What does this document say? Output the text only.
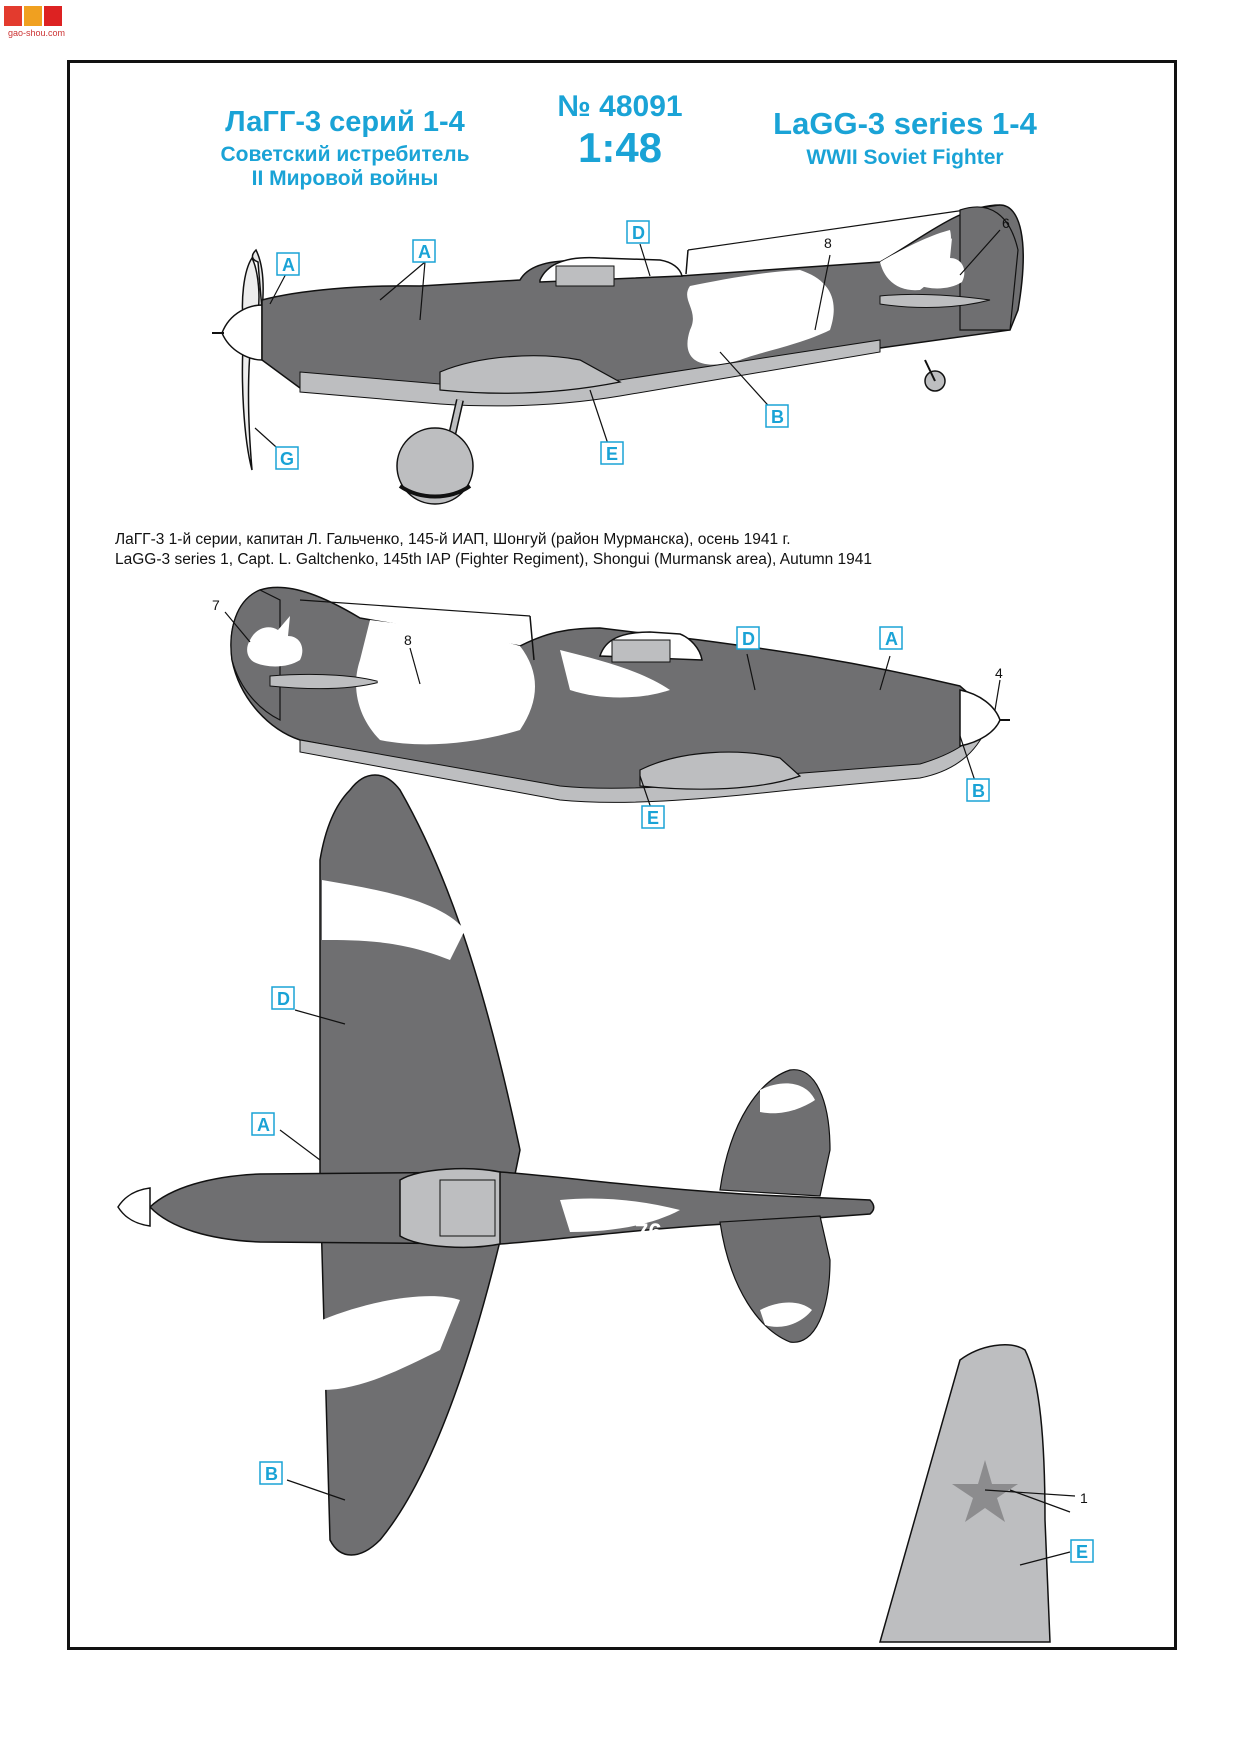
gao-shou.com
ЛаГГ-3 серий 1-4
Советский истребитель
II Мировой войны
№ 48091
1:48
LaGG-3 series 1-4
WWII Soviet Fighter
ЛаГГ-3 1-й серии, капитан Л. Гальченко, 145-й ИАП, Шонгуй (район Мурманска), осень 1941 г.
LaGG-3 series 1, Capt. L. Galtchenko, 145th IAP (Fighter Regiment), Shongui (Murmansk area), Autumn 1941
76
76
76
A
A
D
B
E
G
D	A
B
E
D
A
B
E
8
6
7
8
4
1
